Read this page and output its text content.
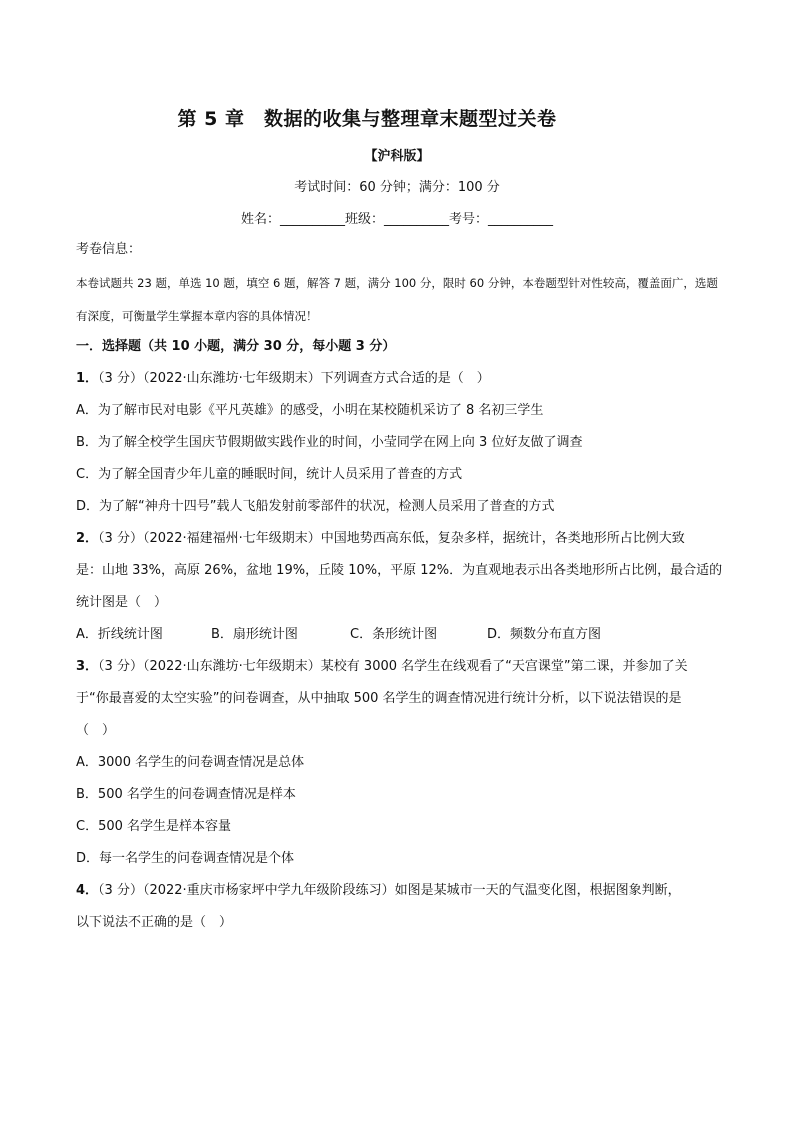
第 5 章　数据的收集与整理章末题型过关卷
【沪科版】
考试时间：60 分钟；满分：100 分
姓名：__________班级：__________考号：__________
考卷信息：
本卷试题共 23 题，单选 10 题，填空 6 题，解答 7 题，满分 100 分，限时 60 分钟，本卷题型针对性较高，覆盖面广，选题有深度，可衡量学生掌握本章内容的具体情况！
一．选择题（共 10 小题，满分 30 分，每小题 3 分）
1．（3 分）（2022·山东潍坊·七年级期末）下列调查方式合适的是（　）
A．为了解市民对电影《平凡英雄》的感受，小明在某校随机采访了 8 名初三学生
B．为了解全校学生国庆节假期做实践作业的时间，小莹同学在网上向 3 位好友做了调查
C．为了解全国青少年儿童的睡眠时间，统计人员采用了普查的方式
D．为了解“神舟十四号”载人飞船发射前零部件的状况，检测人员采用了普查的方式
2．（3 分）（2022·福建福州·七年级期末）中国地势西高东低，复杂多样，据统计，各类地形所占比例大致
是：山地 33%，高原 26%，盆地 19%，丘陵 10%，平原 12%．为直观地表示出各类地形所占比例，最合适的
统计图是（　）
A．折线统计图	B．扇形统计图	C．条形统计图	D．频数分布直方图
3．（3 分）（2022·山东潍坊·七年级期末）某校有 3000 名学生在线观看了“天宫课堂”第二课，并参加了关
于“你最喜爱的太空实验”的问卷调查，从中抽取 500 名学生的调查情况进行统计分析，以下说法错误的是
（　）
A．3000 名学生的问卷调查情况是总体
B．500 名学生的问卷调查情况是样本
C．500 名学生是样本容量
D．每一名学生的问卷调查情况是个体
4．（3 分）（2022·重庆市杨家坪中学九年级阶段练习）如图是某城市一天的气温变化图，根据图象判断，
以下说法不正确的是（　）
